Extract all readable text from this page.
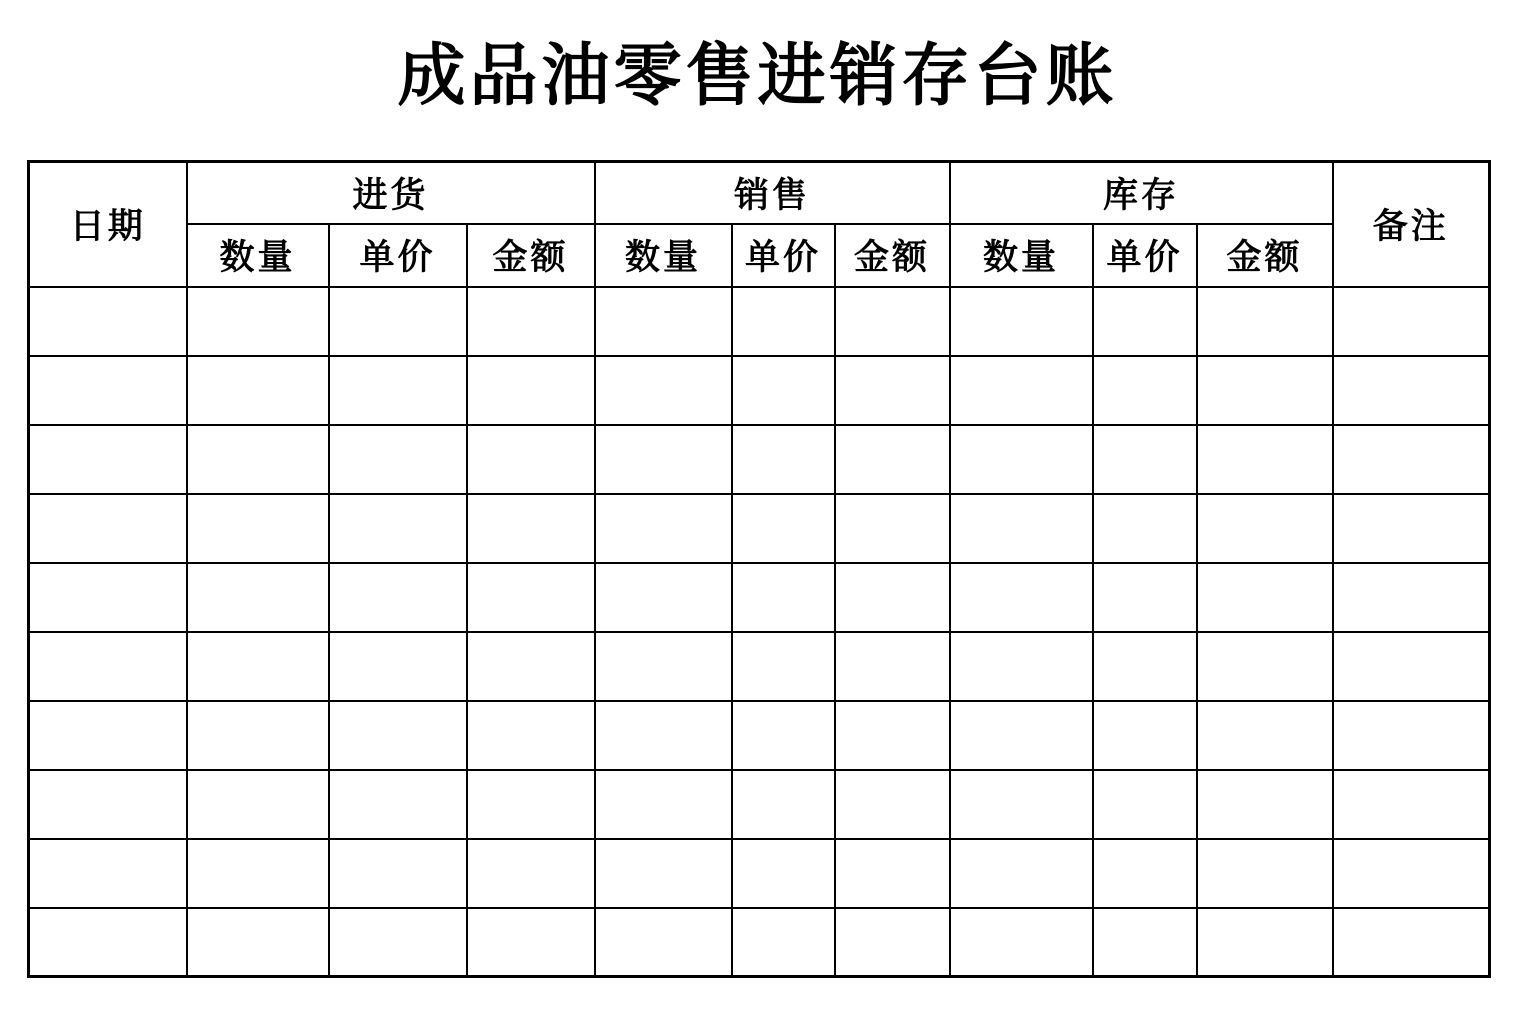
成品油零售进销存台账
日期	进货			销售			库存			备注
	数量	单价	金额	数量	单价	金额	数量	单价	金额	
